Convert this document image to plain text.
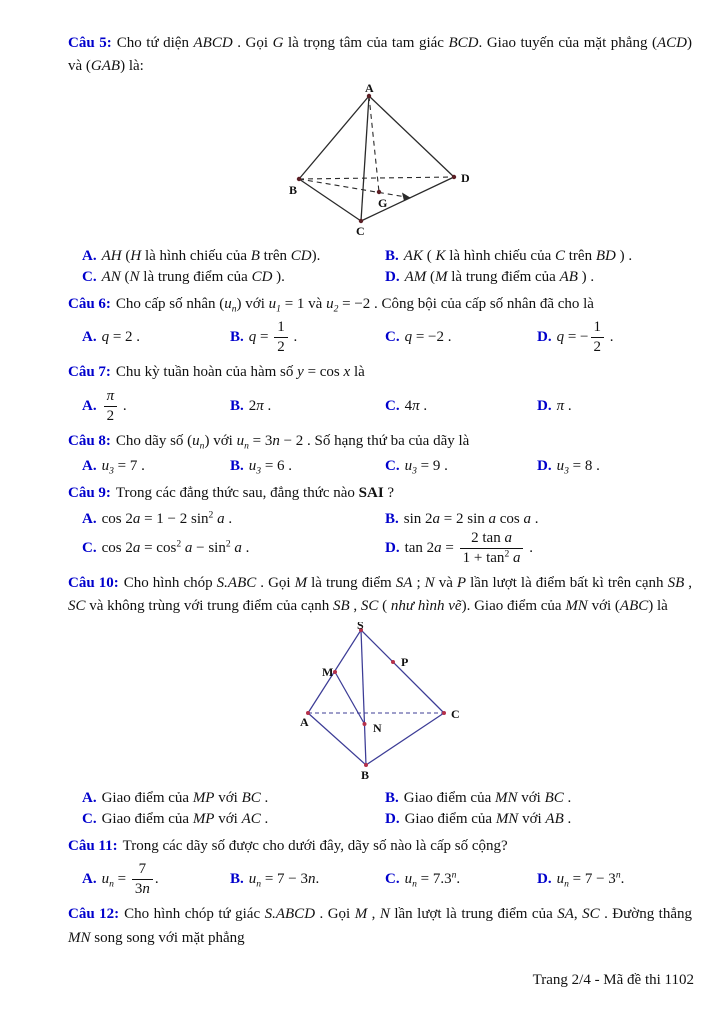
Câu 5: Cho tứ diện ABCD . Gọi G là trọng tâm của tam giác BCD. Giao tuyến của mặt phẳng (ACD) và (GAB) là:

A
B
D
C
G
A. AH (H là hình chiếu của B trên CD).	B. AK ( K là hình chiếu của C trên BD ) .
C. AN (N là trung điểm của CD ).	D. AM (M là trung điểm của AB ) .

Câu 6: Cho cấp số nhân $(u_n)$ với $u_1 = 1$ và $u_2 = -2$ . Công bội của cấp số nhân đã cho là

A. q = 2 .	B. $q = \frac{1}{2}$ .	C. q = −2 .	D. q = − $\frac{1}{2}$ .

Câu 7: Chu kỳ tuần hoàn của hàm số y = cos x là

A. $\frac{\pi}{2}$ .	B. 2π .	C. 4π .	D. π .

Câu 8: Cho dãy số $(u_n)$ với $u_n = 3n - 2$ . Số hạng thứ ba của dãy là

A. $u_3 = 7$ .	B. $u_3 = 6$ .	C. $u_3 = 9$ .	D. $u_3 = 8$ .

Câu 9: Trong các đẳng thức sau, đẳng thức nào SAI ?

A. cos 2a = 1 − 2 $\sin^2 a$ .	B. sin 2a = 2 sin a cos a .
C. $\cos 2a = \cos^2 a - \sin^2 a$ .	D. $\tan 2a = \frac{\text{2 tan a}}{1 + \tan^2 a}$ .

Câu 10: Cho hình chóp S.ABC . Gọi M là trung điểm SA ; N và P lần lượt là điểm bất kì trên cạnh SB , SC và không trùng với trung điểm của cạnh SB , SC ( như hình vẽ). Giao điểm của MN với (ABC) là

S
A
C
B
M
P
N
A. Giao điểm của MP với BC .	B. Giao điểm của MN với BC .
C. Giao điểm của MP với AC .	D. Giao điểm của MN với AB .

Câu 11: Trong các dãy số được cho dưới đây, dãy số nào là cấp số cộng?

A. $u_n = \frac{7}{3n}$ .	B. $u_n = 7 - 3n$.	C. $u_n = 7.3^n$.	D. $u_n = 7 - 3^n$.

Câu 12: Cho hình chóp tứ giác S.ABCD . Gọi M , N lần lượt là trung điểm của SA, SC . Đường thẳng MN song song với mặt phẳng

Trang 2/4 - Mã đề thi 1102
